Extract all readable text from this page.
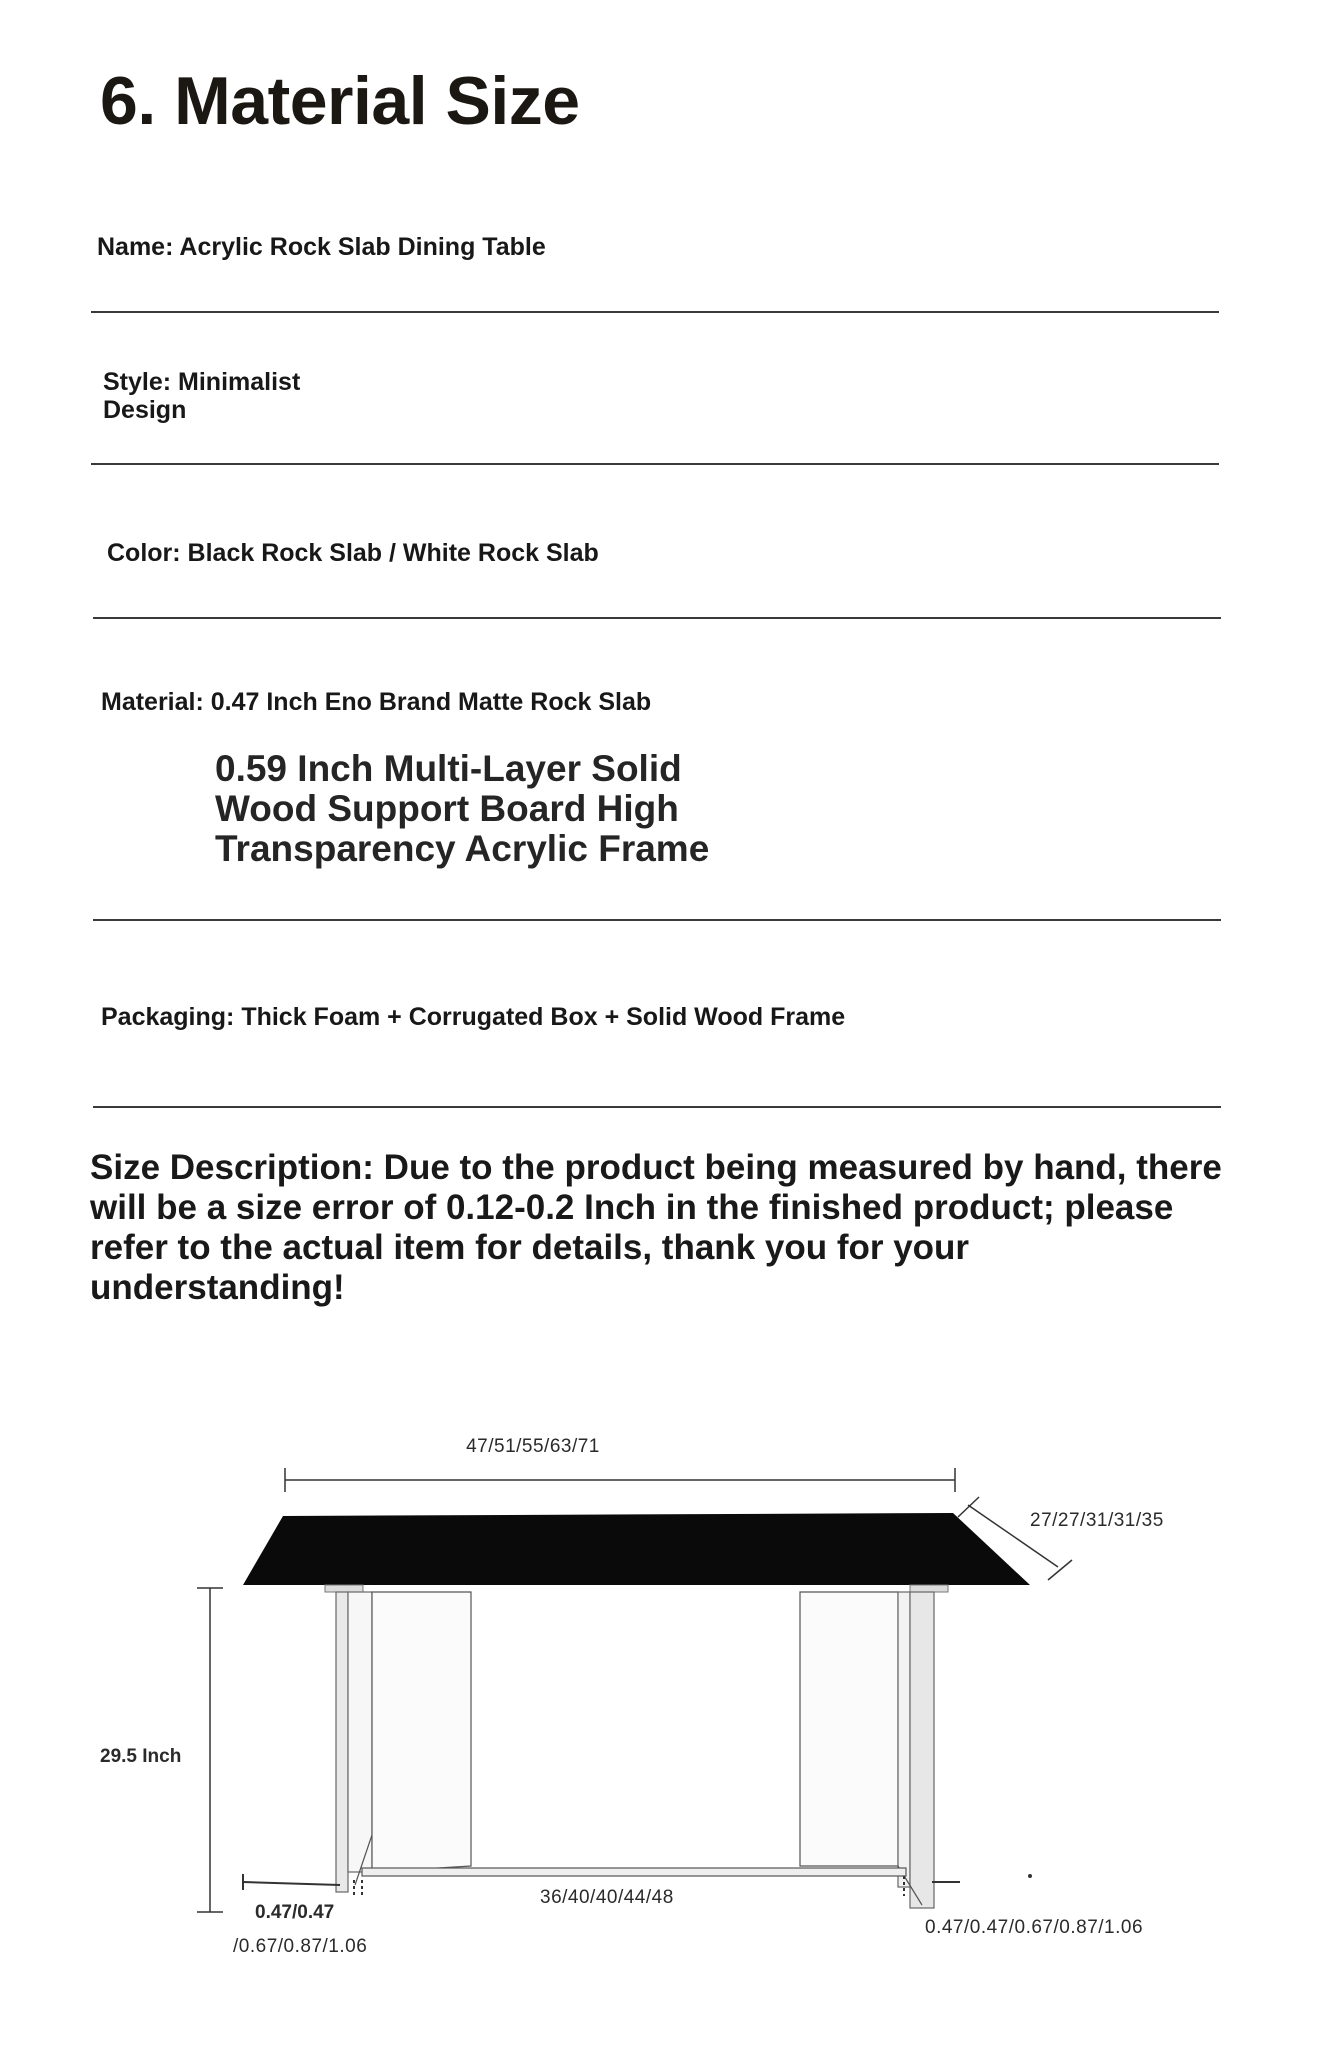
6. Material Size
Name: Acrylic Rock Slab Dining Table
Style: Minimalist Design
Color: Black Rock Slab / White Rock Slab
Material: 0.47 Inch Eno Brand Matte Rock Slab
0.59 Inch Multi-Layer Solid Wood Support Board High Transparency Acrylic Frame
Packaging: Thick Foam + Corrugated Box + Solid Wood Frame
Size Description: Due to the product being measured by hand, there will be a size error of 0.12-0.2 Inch in the finished product; please refer to the actual item for details, thank you for your understanding!
47/51/55/63/71
27/27/31/31/35
29.5 Inch
0.47/0.47
/0.67/0.87/1.06
36/40/40/44/48
0.47/0.47/0.67/0.87/1.06
